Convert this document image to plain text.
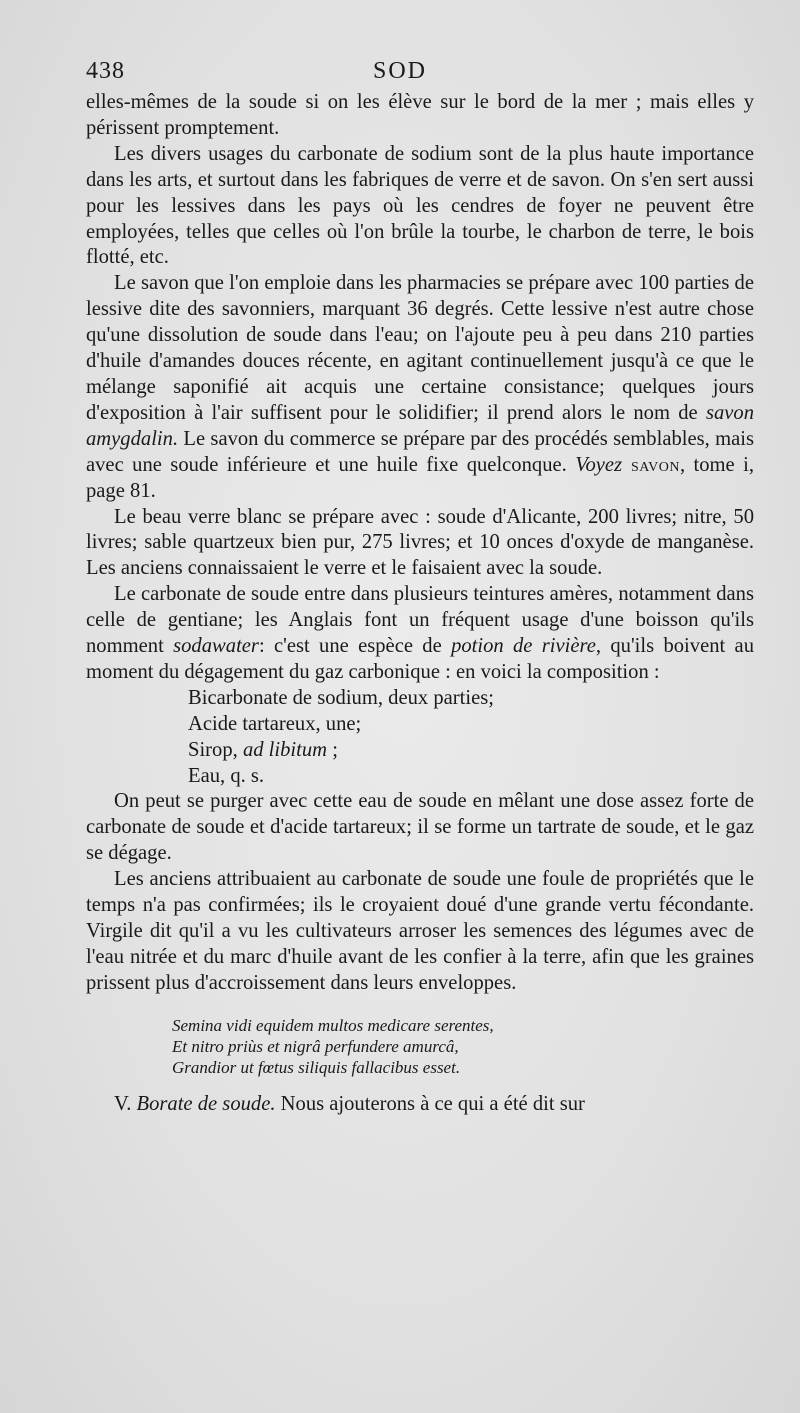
438	SOD

elles-mêmes de la soude si on les élève sur le bord de la mer ; mais elles y périssent promptement.

Les divers usages du carbonate de sodium sont de la plus haute importance dans les arts, et surtout dans les fabriques de verre et de savon. On s'en sert aussi pour les lessives dans les pays où les cendres de foyer ne peuvent être employées, telles que celles où l'on brûle la tourbe, le charbon de terre, le bois flotté, etc.

Le savon que l'on emploie dans les pharmacies se prépare avec 100 parties de lessive dite des savonniers, marquant 36 degrés. Cette lessive n'est autre chose qu'une dissolution de soude dans l'eau; on l'ajoute peu à peu dans 210 parties d'huile d'amandes douces récente, en agitant continuellement jusqu'à ce que le mélange saponifié ait acquis une certaine consistance; quelques jours d'exposition à l'air suffisent pour le solidifier; il prend alors le nom de savon amygdalin. Le savon du commerce se prépare par des procédés semblables, mais avec une soude inférieure et une huile fixe quelconque. Voyez savon, tome i, page 81.

Le beau verre blanc se prépare avec : soude d'Alicante, 200 livres; nitre, 50 livres; sable quartzeux bien pur, 275 livres; et 10 onces d'oxyde de manganèse. Les anciens connaissaient le verre et le faisaient avec la soude.

Le carbonate de soude entre dans plusieurs teintures amères, notamment dans celle de gentiane; les Anglais font un fréquent usage d'une boisson qu'ils nomment sodawater: c'est une espèce de potion de rivière, qu'ils boivent au moment du dégagement du gaz carbonique : en voici la composition :

Bicarbonate de sodium, deux parties;
Acide tartareux, une;
Sirop, ad libitum ;
Eau, q. s.

On peut se purger avec cette eau de soude en mêlant une dose assez forte de carbonate de soude et d'acide tartareux; il se forme un tartrate de soude, et le gaz se dégage.

Les anciens attribuaient au carbonate de soude une foule de propriétés que le temps n'a pas confirmées; ils le croyaient doué d'une grande vertu fécondante. Virgile dit qu'il a vu les cultivateurs arroser les semences des légumes avec de l'eau nitrée et du marc d'huile avant de les confier à la terre, afin que les graines prissent plus d'accroissement dans leurs enveloppes.

Semina vidi equidem multos medicare serentes,
Et nitro priùs et nigrâ perfundere amurcâ,
Grandior ut fœtus siliquis fallacibus esset.

V. Borate de soude. Nous ajouterons à ce qui a été dit sur
